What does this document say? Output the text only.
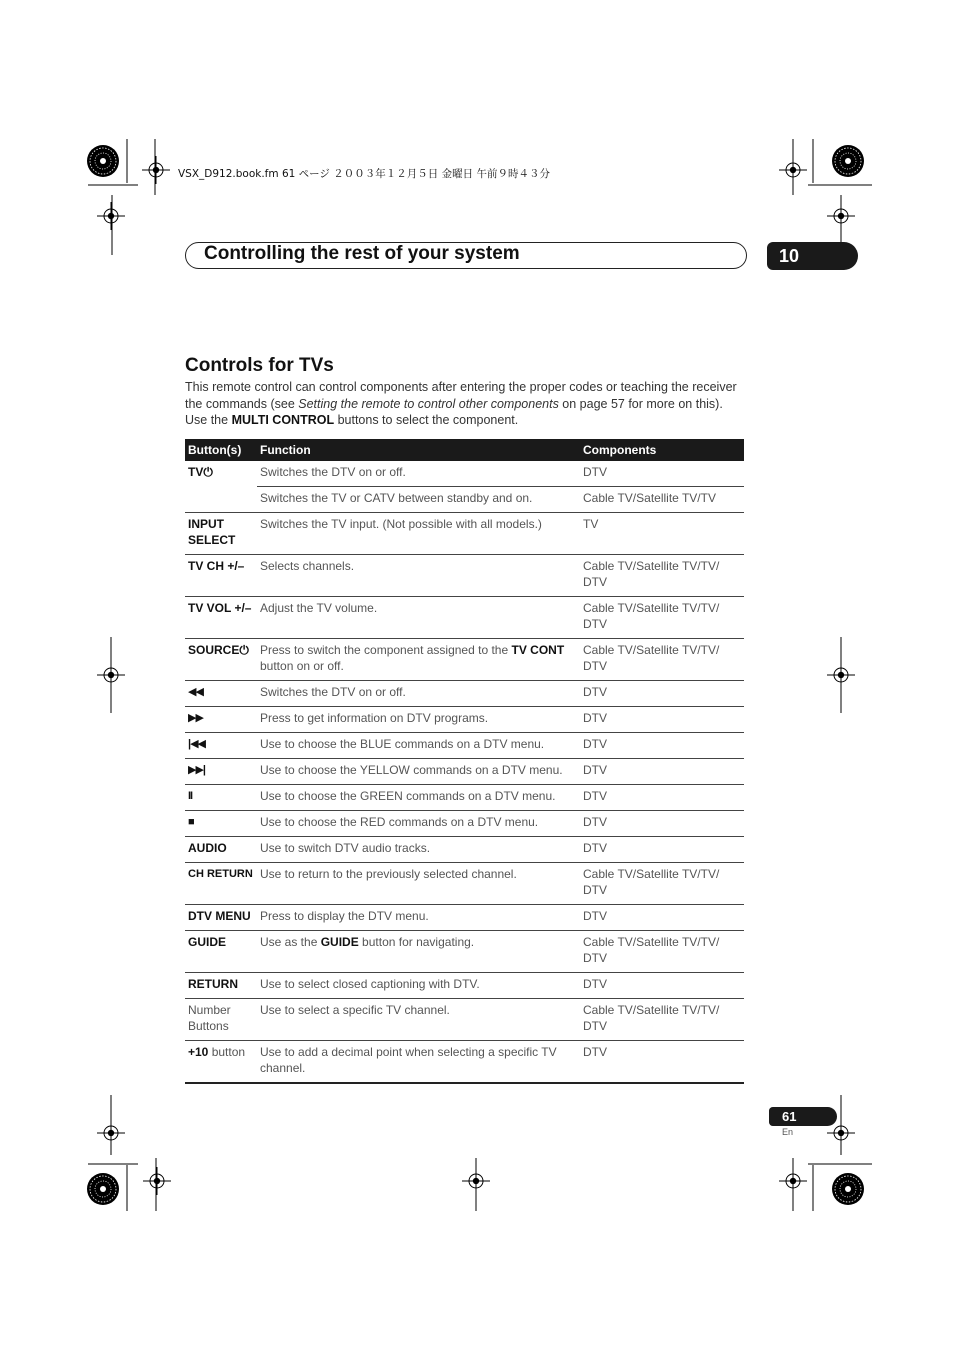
VSX_D912.book.fm 61 ページ ２００３年１２月５日 金曜日 午前９時４３分
Controlling the rest of your system	10
Controls for TVs
This remote control can control components after entering the proper codes or teaching the receiver the commands (see Setting the remote to control other components on page 57 for more on this). Use the MULTI CONTROL buttons to select the component.
Button(s)	Function	Components
TV⏻	Switches the DTV on or off.	DTV
	Switches the TV or CATV between standby and on.	Cable TV/Satellite TV/TV
INPUT SELECT	Switches the TV input. (Not possible with all models.)	TV
TV CH +/–	Selects channels.	Cable TV/Satellite TV/TV/ DTV
TV VOL +/–	Adjust the TV volume.	Cable TV/Satellite TV/TV/ DTV
SOURCE⏻	Press to switch the component assigned to the TV CONT button on or off.	Cable TV/Satellite TV/TV/ DTV
◀◀	Switches the DTV on or off.	DTV
▶▶	Press to get information on DTV programs.	DTV
|◀◀	Use to choose the BLUE commands on a DTV menu.	DTV
▶▶|	Use to choose the YELLOW commands on a DTV menu.	DTV
II	Use to choose the GREEN commands on a DTV menu.	DTV
■	Use to choose the RED commands on a DTV menu.	DTV
AUDIO	Use to switch DTV audio tracks.	DTV
CH RETURN	Use to return to the previously selected channel.	Cable TV/Satellite TV/TV/ DTV
DTV MENU	Press to display the DTV menu.	DTV
GUIDE	Use as the GUIDE button for navigating.	Cable TV/Satellite TV/TV/ DTV
RETURN	Use to select closed captioning with DTV.	DTV
Number Buttons	Use to select a specific TV channel.	Cable TV/Satellite TV/TV/ DTV
+10 button	Use to add a decimal point when selecting a specific TV channel.	DTV
61
En
